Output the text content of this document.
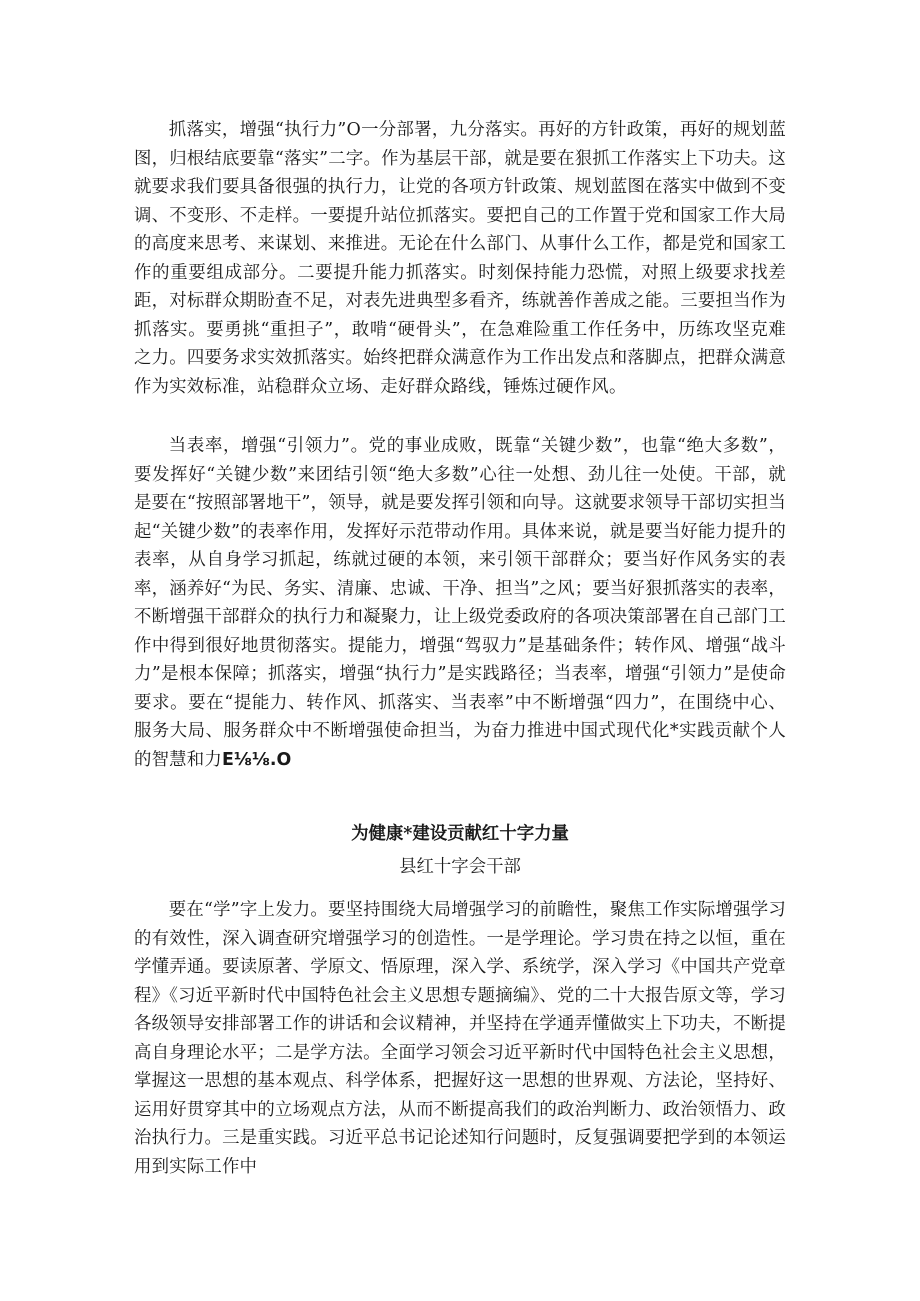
抓落实，增强“执行力”O一分部署，九分落实。再好的方针政策，再好的规划蓝图，归根结底要靠“落实”二字。作为基层干部，就是要在狠抓工作落实上下功夫。这就要求我们要具备很强的执行力，让党的各项方针政策、规划蓝图在落实中做到不变调、不变形、不走样。一要提升站位抓落实。要把自己的工作置于党和国家工作大局的高度来思考、来谋划、来推进。无论在什么部门、从事什么工作，都是党和国家工作的重要组成部分。二要提升能力抓落实。时刻保持能力恐慌，对照上级要求找差距，对标群众期盼查不足，对表先进典型多看齐，练就善作善成之能。三要担当作为抓落实。要勇挑“重担子”，敢啃“硬骨头”，在急难险重工作任务中，历练攻坚克难之力。四要务求实效抓落实。始终把群众满意作为工作出发点和落脚点，把群众满意作为实效标准，站稳群众立场、走好群众路线，锤炼过硬作风。

当表率，增强“引领力”。党的事业成败，既靠“关键少数”，也靠“绝大多数”，要发挥好“关键少数”来团结引领“绝大多数”心往一处想、劲儿往一处使。干部，就是要在“按照部署地干”，领导，就是要发挥引领和向导。这就要求领导干部切实担当起“关键少数”的表率作用，发挥好示范带动作用。具体来说，就是要当好能力提升的表率，从自身学习抓起，练就过硬的本领，来引领干部群众；要当好作风务实的表率，涵养好“为民、务实、清廉、忠诚、干净、担当”之风；要当好狠抓落实的表率，不断增强干部群众的执行力和凝聚力，让上级党委政府的各项决策部署在自己部门工作中得到很好地贯彻落实。提能力，增强“驾驭力”是基础条件；转作风、增强“战斗力”是根本保障；抓落实，增强“执行力”是实践路径；当表率，增强“引领力”是使命要求。要在“提能力、转作风、抓落实、当表率”中不断增强“四力”，在围绕中心、服务大局、服务群众中不断增强使命担当，为奋力推进中国式现代化*实践贡献个人的智慧和力E⅛⅛.O

为健康*建设贡献红十字力量

县红十字会干部

要在“学”字上发力。要坚持围绕大局增强学习的前瞻性，聚焦工作实际增强学习的有效性，深入调查研究增强学习的创造性。一是学理论。学习贵在持之以恒，重在学懂弄通。要读原著、学原文、悟原理，深入学、系统学，深入学习《中国共产党章程》《习近平新时代中国特色社会主义思想专题摘编》、党的二十大报告原文等，学习各级领导安排部署工作的讲话和会议精神，并坚持在学通弄懂做实上下功夫，不断提高自身理论水平；二是学方法。全面学习领会习近平新时代中国特色社会主义思想，掌握这一思想的基本观点、科学体系，把握好这一思想的世界观、方法论，坚持好、运用好贯穿其中的立场观点方法，从而不断提高我们的政治判断力、政治领悟力、政治执行力。三是重实践。习近平总书记论述知行问题时，反复强调要把学到的本领运用到实际工作中
